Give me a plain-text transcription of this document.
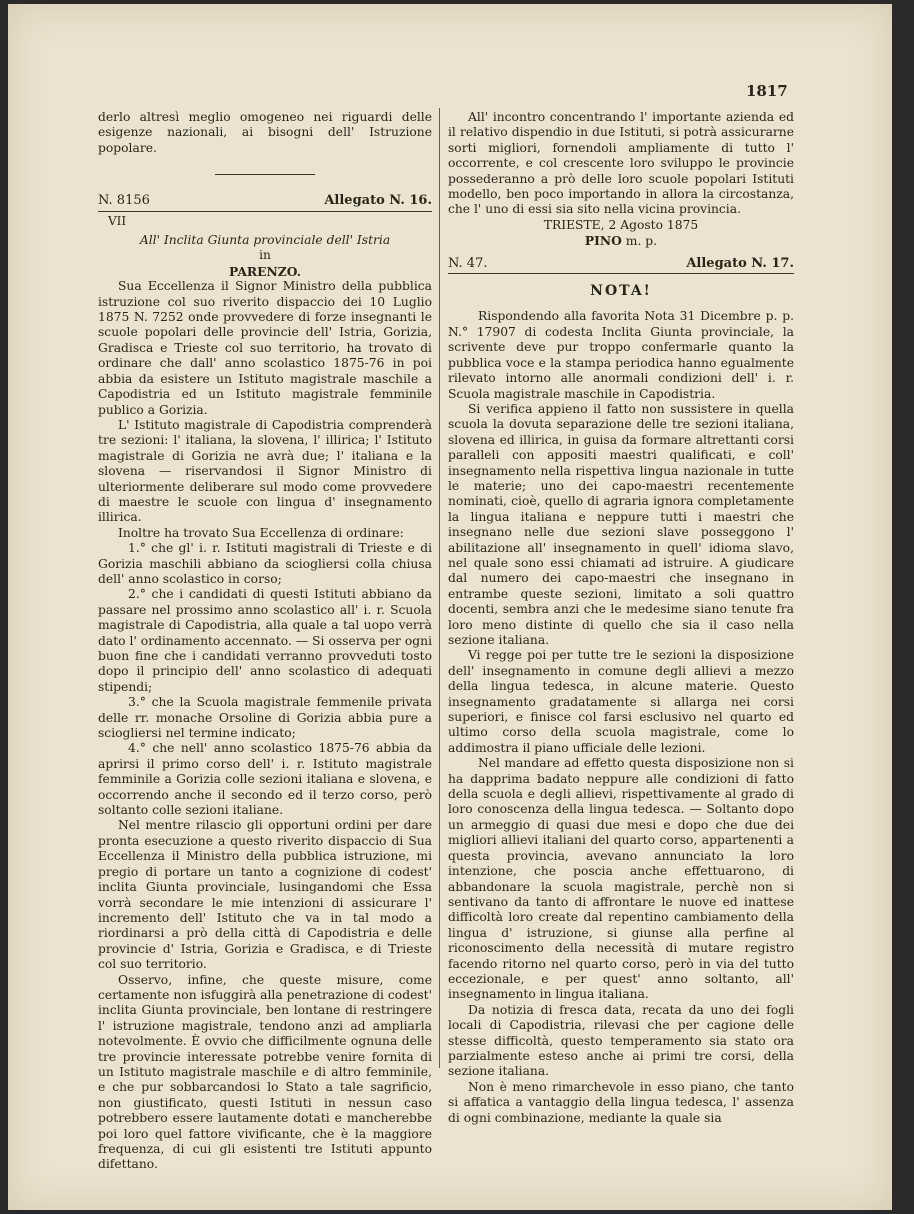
1817

derlo altresì meglio omogeneo nei riguardi delle esigenze nazionali, ai bisogni dell' Istruzione popolare.

N. 8156	Allegato N. 16.
VII
All' Inclita Giunta provinciale dell' Istria
in
PARENZO.

Sua Eccellenza il Signor Ministro della pubblica istruzione col suo riverito dispaccio dei 10 Luglio 1875 N. 7252 onde provvedere di forze insegnanti le scuole popolari delle provincie dell' Istria, Gorizia, Gradisca e Trieste col suo territorio, ha trovato di ordinare che dall' anno scolastico 1875-76 in poi abbia da esistere un Istituto magistrale maschile a Capodistria ed un Istituto magistrale femminile publico a Gorizia.

L' Istituto magistrale di Capodistria comprenderà tre sezioni: l' italiana, la slovena, l' illirica; l' Istituto magistrale di Gorizia ne avrà due; l' italiana e la slovena — riservandosi il Signor Ministro di ulteriormente deliberare sul modo come provvedere di maestre le scuole con lingua d' insegnamento illirica.

Inoltre ha trovato Sua Eccellenza di ordinare:

1.° che gl' i. r. Istituti magistrali di Trieste e di Gorizia maschili abbiano da sciogliersi colla chiusa dell' anno scolastico in corso;

2.° che i candidati di questi Istituti abbiano da passare nel prossimo anno scolastico all' i. r. Scuola magistrale di Capodistria, alla quale a tal uopo verrà dato l' ordinamento accennato. — Si osserva per ogni buon fine che i candidati verranno provveduti tosto dopo il principio dell' anno scolastico di adequati stipendi;

3.° che la Scuola magistrale femmenile privata delle rr. monache Orsoline di Gorizia abbia pure a sciogliersi nel termine indicato;

4.° che nell' anno scolastico 1875-76 abbia da aprirsi il primo corso dell' i. r. Istituto magistrale femminile a Gorizia colle sezioni italiana e slovena, e occorrendo anche il secondo ed il terzo corso, però soltanto colle sezioni italiane.

Nel mentre rilascio gli opportuni ordini per dare pronta esecuzione a questo riverito dispaccio di Sua Eccellenza il Ministro della pubblica istruzione, mi pregio di portare un tanto a cognizione di codest' inclita Giunta provinciale, lusingandomi che Essa vorrà secondare le mie intenzioni di assicurare l' incremento dell' Istituto che va in tal modo a riordinarsi a prò della città di Capodistria e delle provincie d' Istria, Gorizia e Gradisca, e di Trieste col suo territorio.

Osservo, infine, che queste misure, come certamente non isfuggirà alla penetrazione di codest' inclita Giunta provinciale, ben lontane di restringere l' istruzione magistrale, tendono anzi ad ampliarla notevolmente. È ovvio che difficilmente ognuna delle tre provincie interessate potrebbe venire fornita di un Istituto magistrale maschile e di altro femminile, e che pur sobbarcandosi lo Stato a tale sagrificio, non giustificato, questi Istituti in nessun caso potrebbero essere lautamente dotati e mancherebbe poi loro quel fattore vivificante, che è la maggiore frequenza, di cui gli esistenti tre Istituti appunto difettano.

All' incontro concentrando l' importante azienda ed il relativo dispendio in due Istituti, si potrà assicurarne sorti migliori, fornendoli ampliamente di tutto l' occorrente, e col crescente loro sviluppo le provincie possederanno a prò delle loro scuole popolari Istituti modello, ben poco importando in allora la circostanza, che l' uno di essi sia sito nella vicina provincia.

TRIESTE, 2 Agosto 1875
PINO m. p.
N. 47.	Allegato N. 17.
NOTA!

Rispondendo alla favorita Nota 31 Dicembre p. p. N.° 17907 di codesta Inclita Giunta provinciale, la scrivente deve pur troppo confermarle quanto la pubblica voce e la stampa periodica hanno egualmente rilevato intorno alle anormali condizioni dell' i. r. Scuola magistrale maschile in Capodistria.

Si verifica appieno il fatto non sussistere in quella scuola la dovuta separazione delle tre sezioni italiana, slovena ed illirica, in guisa da formare altrettanti corsi paralleli con appositi maestri qualificati, e coll' insegnamento nella rispettiva lingua nazionale in tutte le materie; uno dei capo-maestri recentemente nominati, cioè, quello di agraria ignora completamente la lingua italiana e neppure tutti i maestri che insegnano nelle due sezioni slave posseggono l' abilitazione all' insegnamento in quell' idioma slavo, nel quale sono essi chiamati ad istruire. A giudicare dal numero dei capo-maestri che insegnano in entrambe queste sezioni, limitato a soli quattro docenti, sembra anzi che le medesime siano tenute fra loro meno distinte di quello che sia il caso nella sezione italiana.

Vi regge poi per tutte tre le sezioni la disposizione dell' insegnamento in comune degli allievi a mezzo della lingua tedesca, in alcune materie. Questo insegnamento gradatamente si allarga nei corsi superiori, e finisce col farsi esclusivo nel quarto ed ultimo corso della scuola magistrale, come lo addimostra il piano ufficiale delle lezioni.

Nel mandare ad effetto questa disposizione non si ha dapprima badato neppure alle condizioni di fatto della scuola e degli allievi, rispettivamente al grado di loro conoscenza della lingua tedesca. — Soltanto dopo un armeggio di quasi due mesi e dopo che due dei migliori allievi italiani del quarto corso, appartenenti a questa provincia, avevano annunciato la loro intenzione, che poscia anche effettuarono, di abbandonare la scuola magistrale, perchè non si sentivano da tanto di affrontare le nuove ed inattese difficoltà loro create dal repentino cambiamento della lingua d' istruzione, si giunse alla perfine al riconoscimento della necessità di mutare registro facendo ritorno nel quarto corso, però in via del tutto eccezionale, e per quest' anno soltanto, all' insegnamento in lingua italiana.

Da notizia di fresca data, recata da uno dei fogli locali di Capodistria, rilevasi che per cagione delle stesse difficoltà, questo temperamento sia stato ora parzialmente esteso anche ai primi tre corsi, della sezione italiana.

Non è meno rimarchevole in esso piano, che tanto si affatica a vantaggio della lingua tedesca, l' assenza di ogni combinazione, mediante la quale sia
